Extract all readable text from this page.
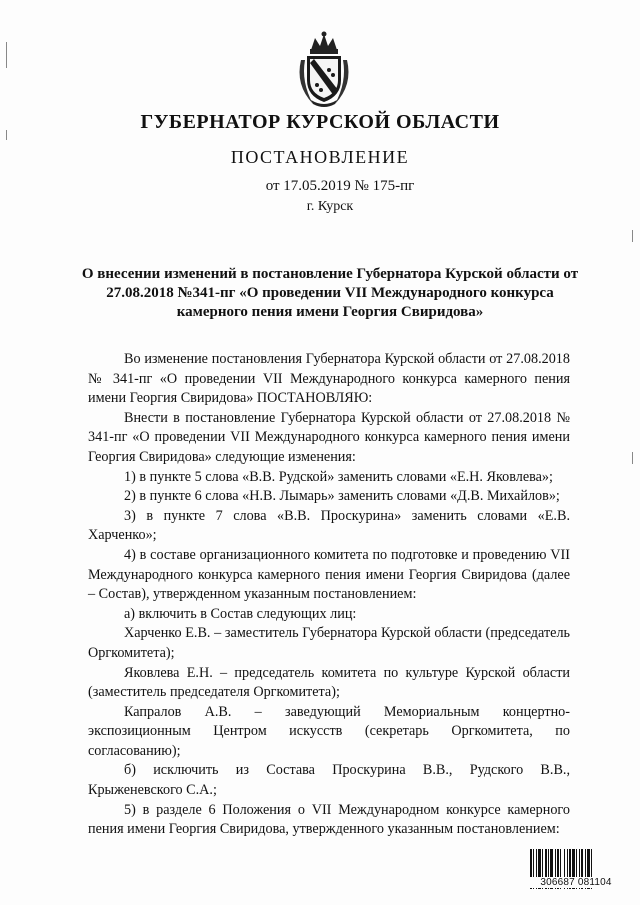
ГУБЕРНАТОР КУРСКОЙ ОБЛАСТИ
ПОСТАНОВЛЕНИЕ
от 17.05.2019 № 175-пг
г. Курск
О внесении изменений в постановление Губернатора Курской области от 27.08.2018 №341-пг «О проведении VII Международного конкурса камерного пения имени Георгия Свиридова»

Во изменение постановления Губернатора Курской области от 27.08.2018 № 341-пг «О проведении VII Международного конкурса камерного пения имени Георгия Свиридова» ПОСТАНОВЛЯЮ:

Внести в постановление Губернатора Курской области от 27.08.2018 № 341-пг «О проведении VII Международного конкурса камерного пения имени Георгия Свиридова» следующие изменения:

1) в пункте 5 слова «В.В. Рудской» заменить словами «Е.Н. Яковлева»;

2) в пункте 6 слова «Н.В. Лымарь» заменить словами «Д.В. Михайлов»;

3) в пункте 7 слова «В.В. Проскурина» заменить словами «Е.В. Харченко»;

4) в составе организационного комитета по подготовке и проведению VII Международного конкурса камерного пения имени Георгия Свиридова (далее – Состав), утвержденном указанным постановлением:

а) включить в Состав следующих лиц:

Харченко Е.В. – заместитель Губернатора Курской области (председатель Оргкомитета);

Яковлева Е.Н. – председатель комитета по культуре Курской области (заместитель председателя Оргкомитета);

Капралов А.В. – заведующий Мемориальным концертно-экспозиционным Центром искусств (секретарь Оргкомитета, по согласованию);

б) исключить из Состава Проскурина В.В., Рудского В.В., Крыженевского С.А.;

5) в разделе 6 Положения о VII Международном конкурсе камерного пения имени Георгия Свиридова, утвержденного указанным постановлением:

306687 081104
